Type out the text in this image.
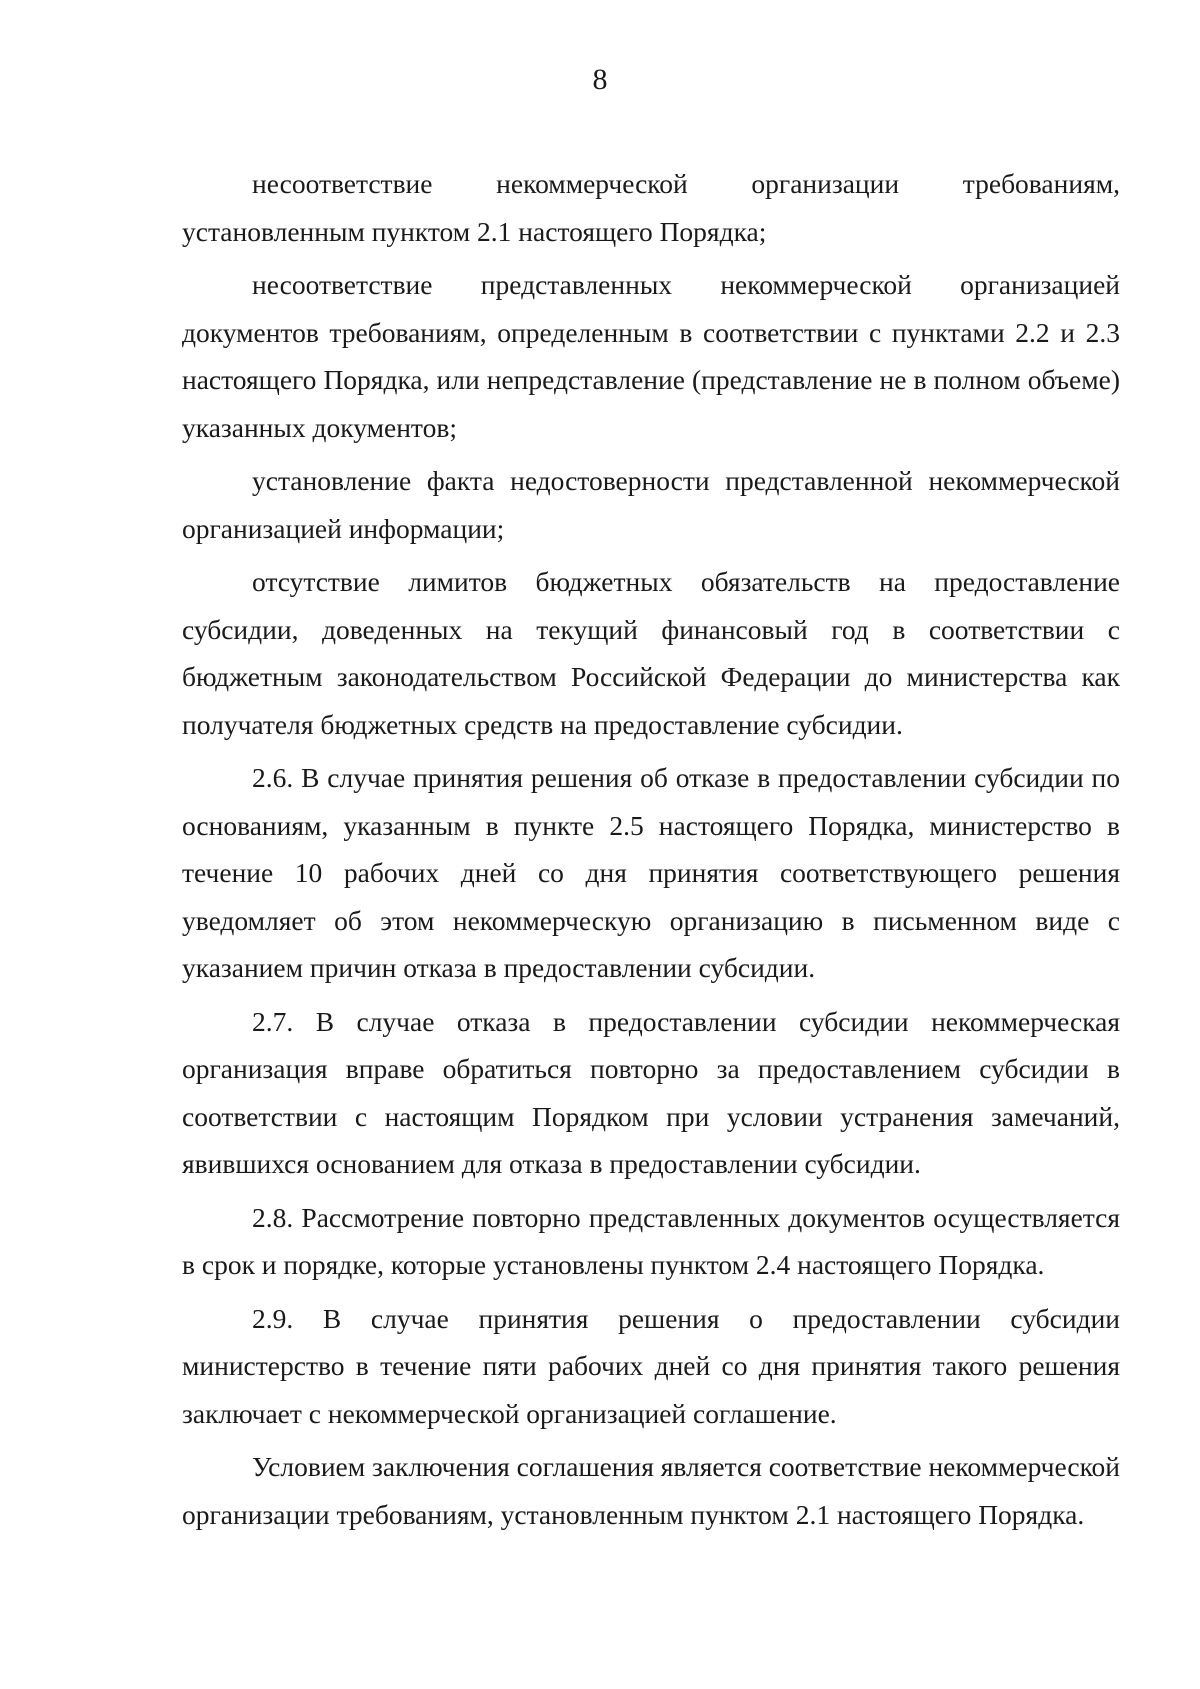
8

несоответствие некоммерческой организации требованиям, установленным пунктом 2.1 настоящего Порядка;

несоответствие представленных некоммерческой организацией документов требованиям, определенным в соответствии с пунктами 2.2 и 2.3 настоящего Порядка, или непредставление (представление не в полном объеме) указанных документов;

установление факта недостоверности представленной некоммерческой организацией информации;

отсутствие лимитов бюджетных обязательств на предоставление субсидии, доведенных на текущий финансовый год в соответствии с бюджетным законодательством Российской Федерации до министерства как получателя бюджетных средств на предоставление субсидии.

2.6. В случае принятия решения об отказе в предоставлении субсидии по основаниям, указанным в пункте 2.5 настоящего Порядка, министерство в течение 10 рабочих дней со дня принятия соответствующего решения уведомляет об этом некоммерческую организацию в письменном виде с указанием причин отказа в предоставлении субсидии.

2.7. В случае отказа в предоставлении субсидии некоммерческая организация вправе обратиться повторно за предоставлением субсидии в соответствии с настоящим Порядком при условии устранения замечаний, явившихся основанием для отказа в предоставлении субсидии.

2.8. Рассмотрение повторно представленных документов осуществляется в срок и порядке, которые установлены пунктом 2.4 настоящего Порядка.

2.9. В случае принятия решения о предоставлении субсидии министерство в течение пяти рабочих дней со дня принятия такого решения заключает с некоммерческой организацией соглашение.

Условием заключения соглашения является соответствие некоммерческой организации требованиям, установленным пунктом 2.1 настоящего Порядка.
